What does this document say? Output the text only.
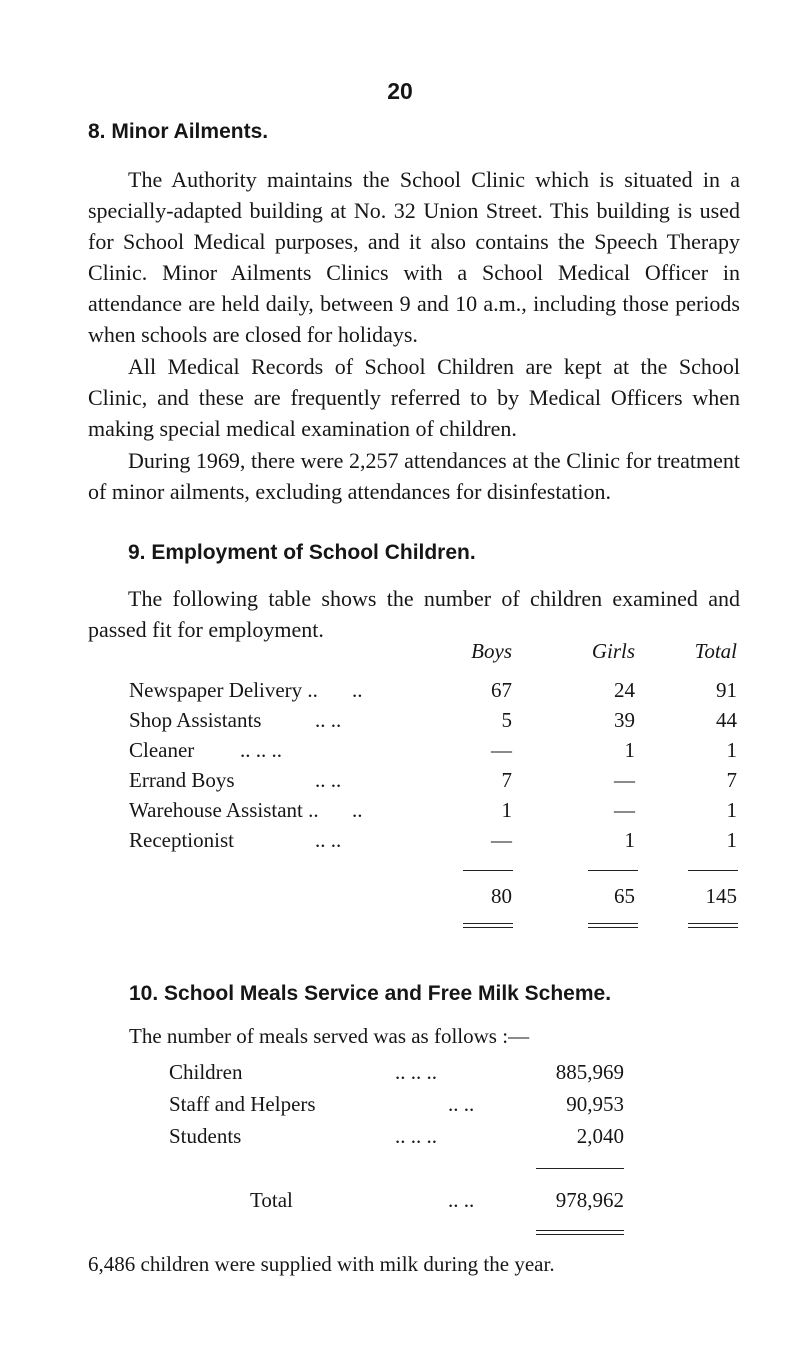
20
8. Minor Ailments.

The Authority maintains the School Clinic which is situated in a specially-adapted building at No. 32 Union Street. This building is used for School Medical purposes, and it also contains the Speech Therapy Clinic. Minor Ailments Clinics with a School Medical Officer in attendance are held daily, between 9 and 10 a.m., including those periods when schools are closed for holidays.

All Medical Records of School Children are kept at the School Clinic, and these are frequently referred to by Medical Officers when making special medical examination of children.

During 1969, there were 2,257 attendances at the Clinic for treatment of minor ailments, excluding attendances for disinfestation.

9. Employment of School Children.

The following table shows the number of children examined and passed fit for employment.

Boys	Girls	Total
Newspaper Delivery .. ..	67	24	91
Shop Assistants	.. ..	5	39	44
Cleaner .. .. ..	—	1	1
Errand Boys	.. ..	7	—	7
Warehouse Assistant .. ..	1	—	1
Receptionist	.. ..	—	1	1
80	65	145
10. School Meals Service and Free Milk Scheme.
The number of meals served was as follows :—
Children	.. .. ..	885,969
Staff and Helpers	.. ..	90,953
Students	.. .. ..	2,040
Total	.. ..	978,962
6,486 children were supplied with milk during the year.
